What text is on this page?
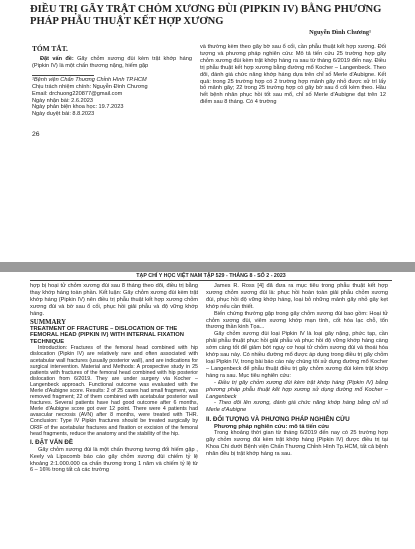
ĐIỀU TRỊ GÃY TRẬT CHỎM XƯƠNG ĐÙI (PIPKIN IV) BẰNG PHƯƠNG PHÁP PHẪU THUẬT KẾT HỢP XƯƠNG

Nguyễn Đình Chương¹

TÓM TẮT.

Đặt vấn đề: Gãy chỏm xương đùi kèm trật khớp háng (Pipkin IV) là một chấn thương nặng, hiếm gặp

¹Bệnh viện Chấn Thương Chỉnh Hình TP.HCM

Chịu trách nhiệm chính: Nguyễn Đình Chương

Email: drchuong220877@gmail.com

Ngày nhận bài: 2.6.2023

Ngày phản biện khoa học: 19.7.2023

Ngày duyệt bài: 8.8.2023

và thường kèm theo gãy bờ sau ổ cối, cần phẫu thuật kết hợp xương. Đối tượng và phương pháp nghiên cứu: Mô tả tiến cứu 25 trường hợp gãy chỏm xương đùi kèm trật khớp háng ra sau từ tháng 6/2019 đến nay. Điều trị phẫu thuật kết hợp xương bằng đường mổ Kocher – Langenbeck. Theo dõi, đánh giá chức năng khớp háng dựa trên chỉ số Merle d'Aubigne. Kết quả: trong 25 trường hợp có 2 trường hợp mảnh gãy nhỏ được xử trí lấy bỏ mảnh gãy; 22 trong 25 trường hợp có gãy bờ sau ổ cối kèm theo. Hầu hết bệnh nhân phục hồi tốt sau mổ, chỉ số Merle d'Aubigne đạt trên 12 điểm sau 8 tháng. Có 4 trường

26

TẠP CHÍ Y HỌC VIỆT NAM TẬP 529 - THÁNG 8 - SỐ 2 - 2023

hợp bị hoại tử chỏm xương đùi sau 8 tháng theo dõi, điều trị bằng thay khớp háng toàn phần. Kết luận: Gãy chỏm xương đùi kèm trật khớp háng (Pipkin IV) nên điều trị phẫu thuật kết hợp xương chỏm xương đùi và bờ sau ổ cối, phục hồi giải phẫu và độ vững khớp háng.

SUMMARY

TREATMENT OF FRACTURE – DISLOCATION OF THE FEMORAL HEAD (PIPKIN IV) WITH INTERNAL FIXATION TECHNIQUE

Introduction: Fractures of the femoral head combined with hip dislocation (Pipkin IV) are relatively rare and often associated with acetabular wall fractures (usually posterior wall), and are indications for surgical intervention. Material and Methods: A prospective study in 25 patients with fractures of the femoral head combined with hip posterior dislocation from 6/2019. They are under surgery via Kocher – Langenbeck approach. Functional outcome was evaluated with the Merle d'Aubigne score. Results: 2 of 25 cases had small fragment, was removed fragment; 22 of them combined with acetabular posterior wall fractures. Several patients have had good outcome after 6 months, Merle d'Aubigne score got over 12 point. There were 4 patients had avascular necrosis (AVN) after 8 months, were treated with THR. Conclusion: Type IV Pipkin fractures should be treated surgically by ORIF of the acetabular fractures and fixation or excision of the femoral head fragments, reduce the anatomy and the stability of the hip.

I. ĐẶT VẤN ĐỀ

Gãy chỏm xương đùi là một chấn thương tương đối hiếm gặp , Keely và Lipscomb báo cáo gãy chỏm xương đùi chiếm tỷ lệ khoảng 2:1.000.000 ca chấn thương trong 1 năm và chiếm tỷ lệ từ 6 – 16% trong tất cả các trường

James R. Ross [4] đã đưa ra mục tiêu trong phẫu thuật kết hợp xương chỏm xương đùi là: phục hồi hoàn toàn giải phẫu chỏm xương đùi, phục hồi độ vững khớp háng, loại bỏ những mảnh gãy nhỏ gây kẹt khớp nếu cần thiết.

Biến chứng thường gặp trong gãy chỏm xương đùi bao gồm: Hoại tử chỏm xương đùi, viêm xương khớp mạn tính, cốt hóa lạc chỗ, tổn thương thần kinh Tọa...

Gãy chỏm xương đùi loại Pipkin IV là loại gãy nặng, phức tạp, cần phải phẫu thuật phục hồi giải phẫu và phục hồi độ vững khớp háng càng sớm càng tốt để giảm bớt nguy cơ hoại tử chỏm xương đùi và thoái hóa khớp sau này. Có nhiều đường mổ được áp dụng trong điều trị gãy chỏm loại Pipkin IV, trong bài báo cáo này chúng tôi sử dụng đường mổ Kocher – Langenbeck để phẫu thuật điều trị gãy chỏm xương đùi kèm trật khớp háng ra sau. Mục tiêu nghiên cứu:

- Điều trị gãy chỏm xương đùi kèm trật khớp háng (Pipkin IV) bằng phương pháp phẫu thuật kết hợp xương sử dụng đường mổ Kocher – Langenbeck

- Theo dõi lên xương, đánh giá chức năng khớp háng bằng chỉ số Merle d'Aubigne

II. ĐỐI TƯỢNG VÀ PHƯƠNG PHÁP NGHIÊN CỨU

Phương pháp nghiên cứu: mô tả tiến cứu

Trong khoảng thời gian từ tháng 6/2019 đến nay có 25 trường hợp gãy chỏm xương đùi kèm trật khớp háng (Pipkin IV) được điều trị tại Khoa Chi dưới Bệnh viện Chấn Thương Chỉnh Hình Tp.HCM, tất cả bệnh nhân đều bị trật khớp háng ra sau.
